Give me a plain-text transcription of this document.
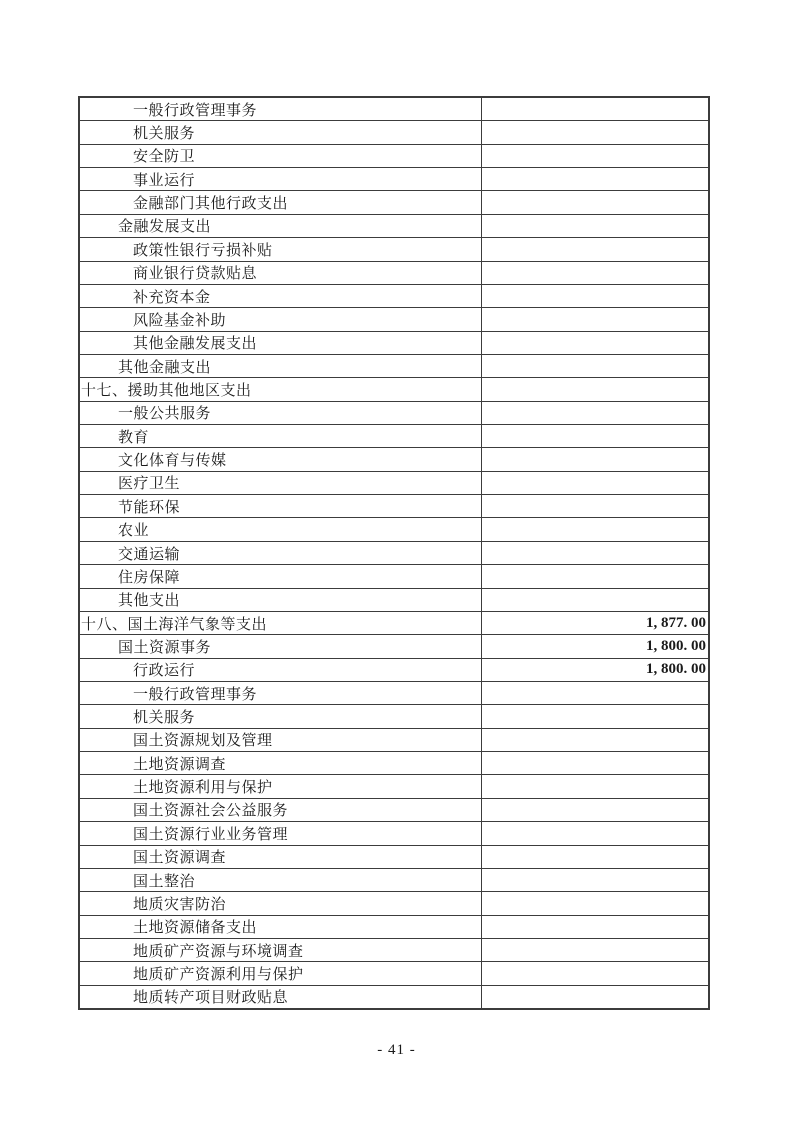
一般行政管理事务
机关服务
安全防卫
事业运行
金融部门其他行政支出
金融发展支出
政策性银行亏损补贴
商业银行贷款贴息
补充资本金
风险基金补助
其他金融发展支出
其他金融支出
十七、援助其他地区支出
一般公共服务
教育
文化体育与传媒
医疗卫生
节能环保
农业
交通运输
住房保障
其他支出
十八、国土海洋气象等支出	1, 877. 00
国土资源事务	1, 800. 00
行政运行	1, 800. 00
一般行政管理事务
机关服务
国土资源规划及管理
土地资源调查
土地资源利用与保护
国土资源社会公益服务
国土资源行业业务管理
国土资源调查
国土整治
地质灾害防治
土地资源储备支出
地质矿产资源与环境调查
地质矿产资源利用与保护
地质转产项目财政贴息
- 41 -
